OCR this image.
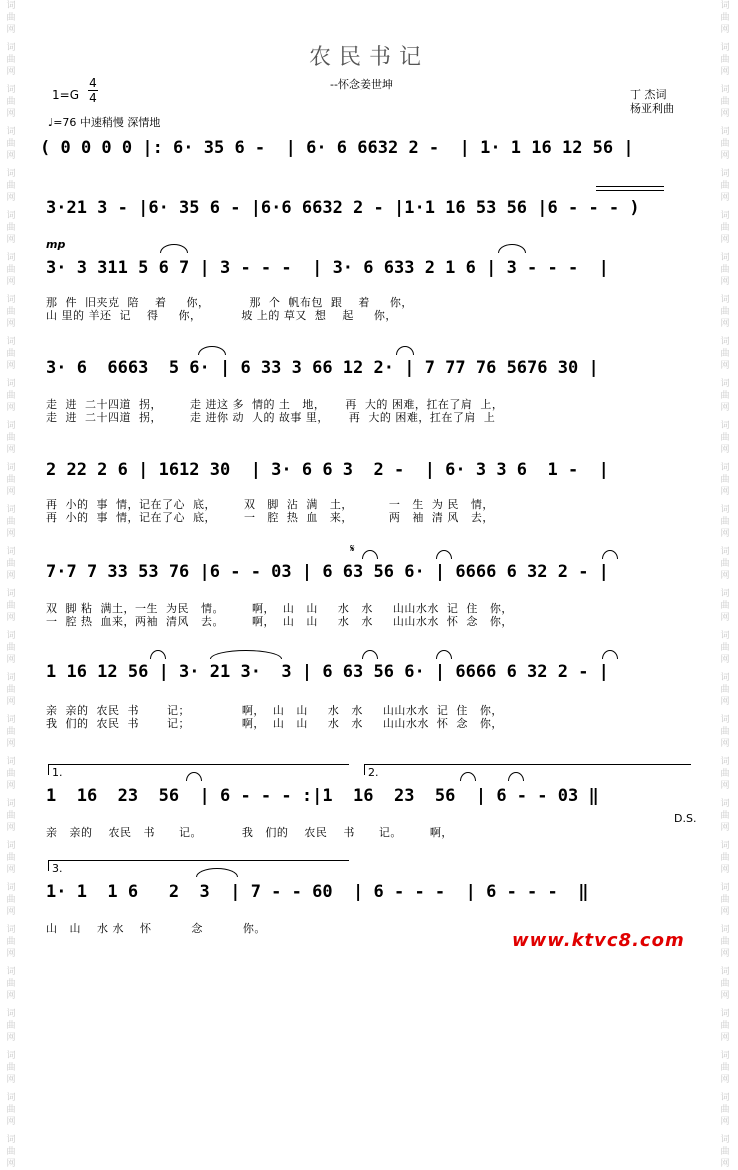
词曲网
词曲网
词曲网
词曲网
词曲网
词曲网
词曲网
词曲网
词曲网
词曲网
词曲网
词曲网
词曲网
词曲网
词曲网
词曲网
词曲网
词曲网
词曲网
词曲网
词曲网
词曲网
词曲网
词曲网
词曲网
词曲网
词曲网
词曲网
词曲网
词曲网
词曲网
词曲网
词曲网
词曲网
词曲网
词曲网
词曲网
词曲网
词曲网
词曲网
词曲网
词曲网
词曲网
词曲网
词曲网
词曲网
词曲网
词曲网
词曲网
词曲网
词曲网
词曲网
词曲网
词曲网
词曲网
词曲网
农民书记
--怀念姜世坤
丁 杰词
杨亚利曲
1=G
4
4
♩=76 中速稍慢 深情地
( 0 0 0 0 |: 6· 35 6 -  | 6· 6 6632 2 -  | 1· 1 16 12 56 |
3·21 3 - |6· 35 6 - |6·6 6632 2 - |1·1 16 53 56 |6 - - - )
mp
3· 3 311 5 6 7 | 3 - - -  | 3· 6 633 2 1 6 | 3 - - -  |
那  件  旧夹克  陪    着     你，          那  个  帆布包  跟    着     你，
山 里的 羊还  记    得     你，          坡 上的 草又  想    起     你，
3· 6  6663  5 6· | 6 33 3 66 12 2· | 7 77 76 5676 30 |
走  进  二十四道  拐，       走 进这 多  情的 土   地，     再  大的 困难，扛在了肩  上，
走  进  二十四道  拐，       走 进你 动  人的 故事 里，     再  大的 困难，扛在了肩  上
2 22 2 6 | 1612 30  | 3· 6 6 3  2 -  | 6· 3 3 6  1 -  |
再  小的  事  情，记在了心  底，       双   脚  沾  满   土，         一   生  为 民   情，
再  小的  事  情，记在了心  底，       一   腔  热  血   来，         两   袖  清 风   去，
𝄋
7·7 7 33 53 76 |6 - - 03 | 6 63 56 6· | 6666 6 32 2 - |
双  脚 粘  满土，一生  为民   情。       啊，  山   山     水   水     山山水水  记  住   你，
一  腔 热  血来，两袖  清风   去。       啊，  山   山     水   水     山山水水  怀  念   你，
1 16 12 56 | 3· 21 3·  3 | 6 63 56 6· | 6666 6 32 2 - |
亲  亲的  农民  书       记；             啊，  山   山     水   水     山山水水  记  住   你，
我  们的  农民  书       记；             啊，  山   山     水   水     山山水水  怀  念   你，
1.	2.
1  16  23  56  | 6 - - - :|1  16  23  56  | 6 - - 03 ‖
D.S.
亲   亲的    农民   书      记。          我   们的    农民    书      记。       啊，
3.
1· 1  1 6   2  3  | 7 - - 60  | 6 - - -  | 6 - - -  ‖
山   山    水 水    怀          念          你。
www.ktvc8.com
